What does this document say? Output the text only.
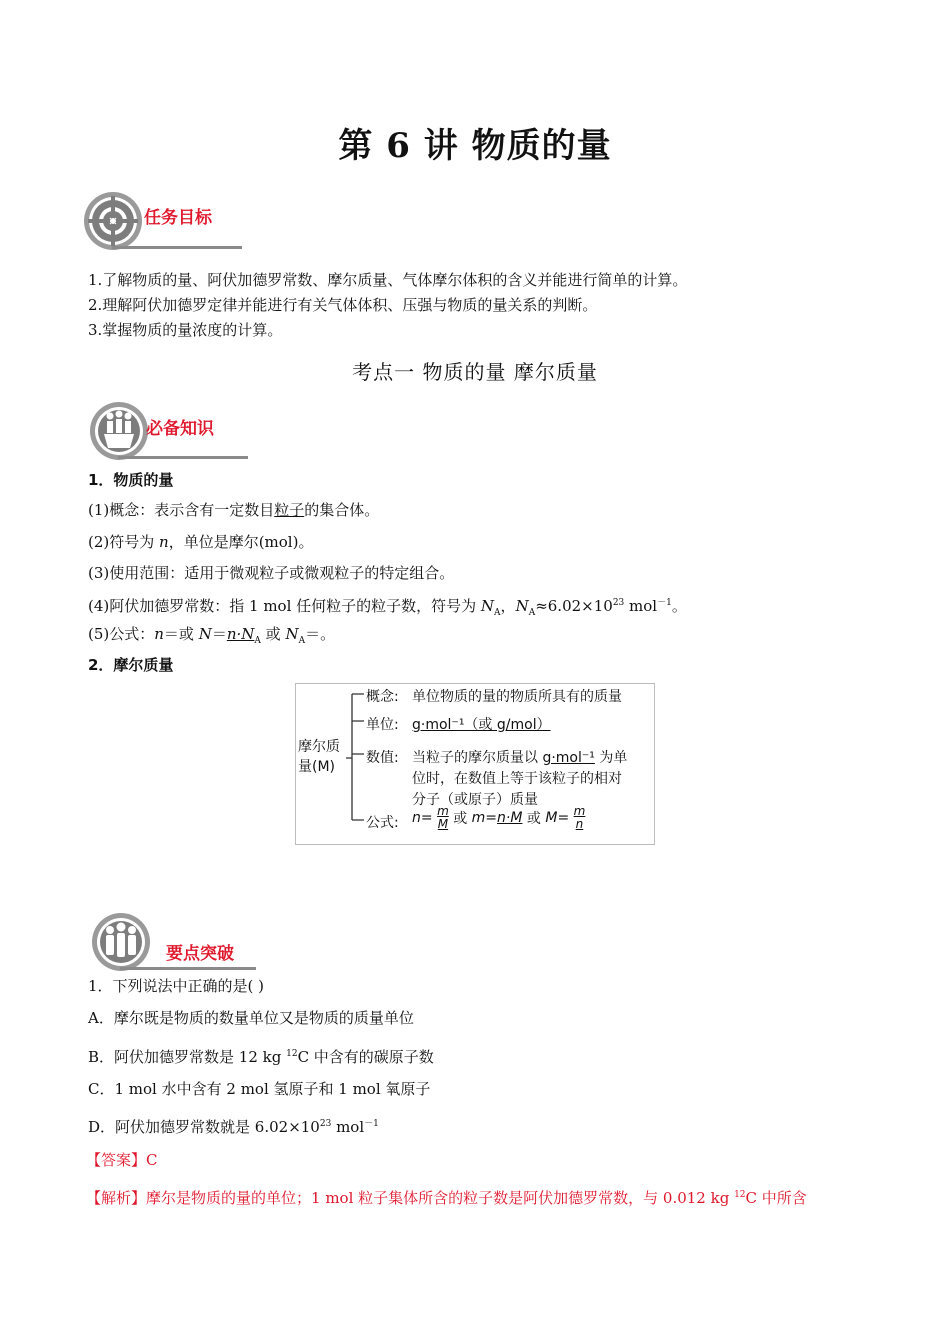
第 6 讲 物质的量
任务目标
1.了解物质的量、阿伏加德罗常数、摩尔质量、气体摩尔体积的含义并能进行简单的计算。
2.理解阿伏加德罗定律并能进行有关气体体积、压强与物质的量关系的判断。
3.掌握物质的量浓度的计算。
考点一 物质的量 摩尔质量
必备知识
1．物质的量
(1)概念：表示含有一定数目粒子的集合体。
(2)符号为 n，单位是摩尔(mol)。
(3)使用范围：适用于微观粒子或微观粒子的特定组合。
(4)阿伏加德罗常数：指 1 mol 任何粒子的粒子数，符号为 $N_A$，$N_A\approx 6.02\times 10^{23}$ mol$^{-1}$。
(5)公式：n＝或 $N=n\cdot N_A$ 或 $N_A=$。
2．摩尔质量
摩尔质
量(M)
概念: 单位物质的量的物质所具有的质量
单位: g·mol⁻¹（或 g/mol）
数值: 当粒子的摩尔质量以 g·mol⁻¹ 为单
位时，在数值上等于该粒子的相对
分子（或原子）质量
公式: $n= \frac{m}{M}$ 或 m=n·M 或 $M= \frac{m}{n}$
要点突破
1．下列说法中正确的是( )
A．摩尔既是物质的数量单位又是物质的质量单位
B．阿伏加德罗常数是 12 kg $^{12}$C 中含有的碳原子数
C．1 mol 水中含有 2 mol 氢原子和 1 mol 氧原子
D．阿伏加德罗常数就是 $6.02\times 10^{23}$ mol$^{-1}$
【答案】C
【解析】摩尔是物质的量的单位；1 mol 粒子集体所含的粒子数是阿伏加德罗常数，与 0.012 kg $^{12}$C 中所含
